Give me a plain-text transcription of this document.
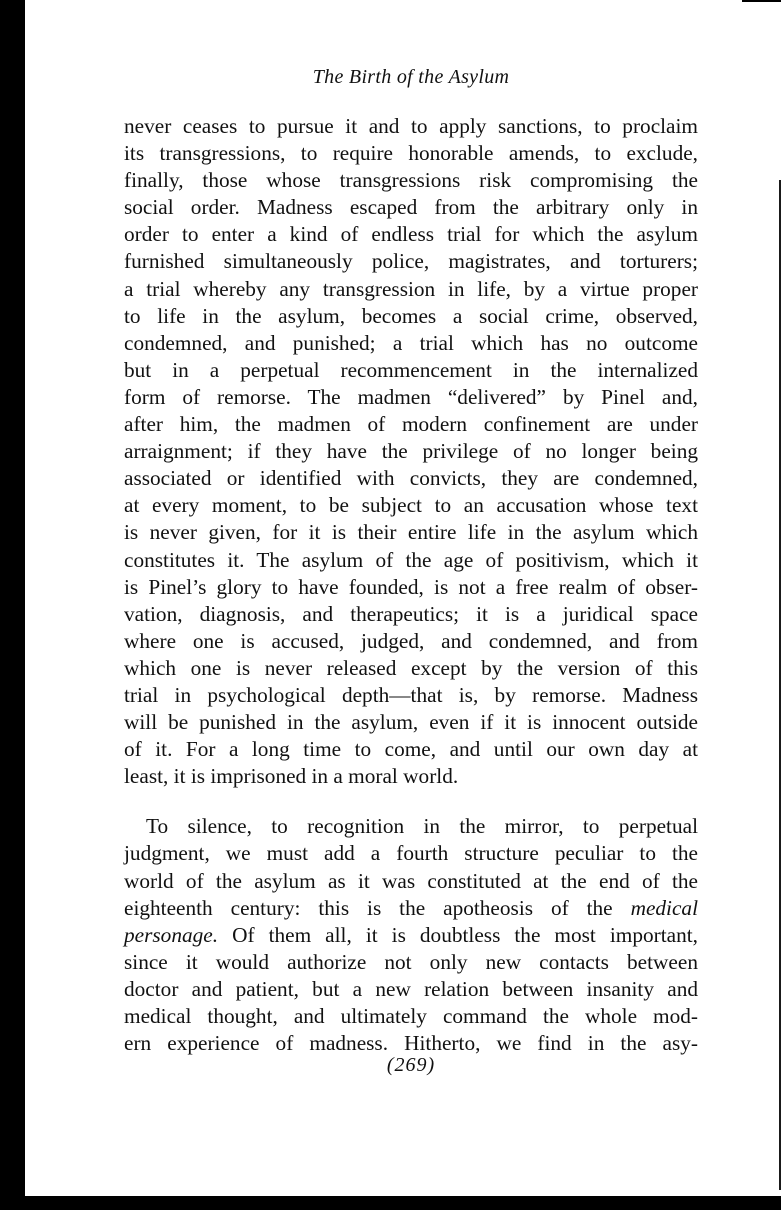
The Birth of the Asylum
never ceases to pursue it and to apply sanctions, to proclaim
its transgressions, to require honorable amends, to exclude,
finally, those whose transgressions risk compromising the
social order. Madness escaped from the arbitrary only in
order to enter a kind of endless trial for which the asylum
furnished simultaneously police, magistrates, and torturers;
a trial whereby any transgression in life, by a virtue proper
to life in the asylum, becomes a social crime, observed,
condemned, and punished; a trial which has no outcome
but in a perpetual recommencement in the internalized
form of remorse. The madmen “delivered” by Pinel and,
after him, the madmen of modern confinement are under
arraignment; if they have the privilege of no longer being
associated or identified with convicts, they are condemned,
at every moment, to be subject to an accusation whose text
is never given, for it is their entire life in the asylum which
constitutes it. The asylum of the age of positivism, which it
is Pinel’s glory to have founded, is not a free realm of obser-
vation, diagnosis, and therapeutics; it is a juridical space
where one is accused, judged, and condemned, and from
which one is never released except by the version of this
trial in psychological depth—that is, by remorse. Madness
will be punished in the asylum, even if it is innocent outside
of it. For a long time to come, and until our own day at
least, it is imprisoned in a moral world.
To silence, to recognition in the mirror, to perpetual
judgment, we must add a fourth structure peculiar to the
world of the asylum as it was constituted at the end of the
eighteenth century: this is the apotheosis of the medical
personage. Of them all, it is doubtless the most important,
since it would authorize not only new contacts between
doctor and patient, but a new relation between insanity and
medical thought, and ultimately command the whole mod-
ern experience of madness. Hitherto, we find in the asy-
(269)
